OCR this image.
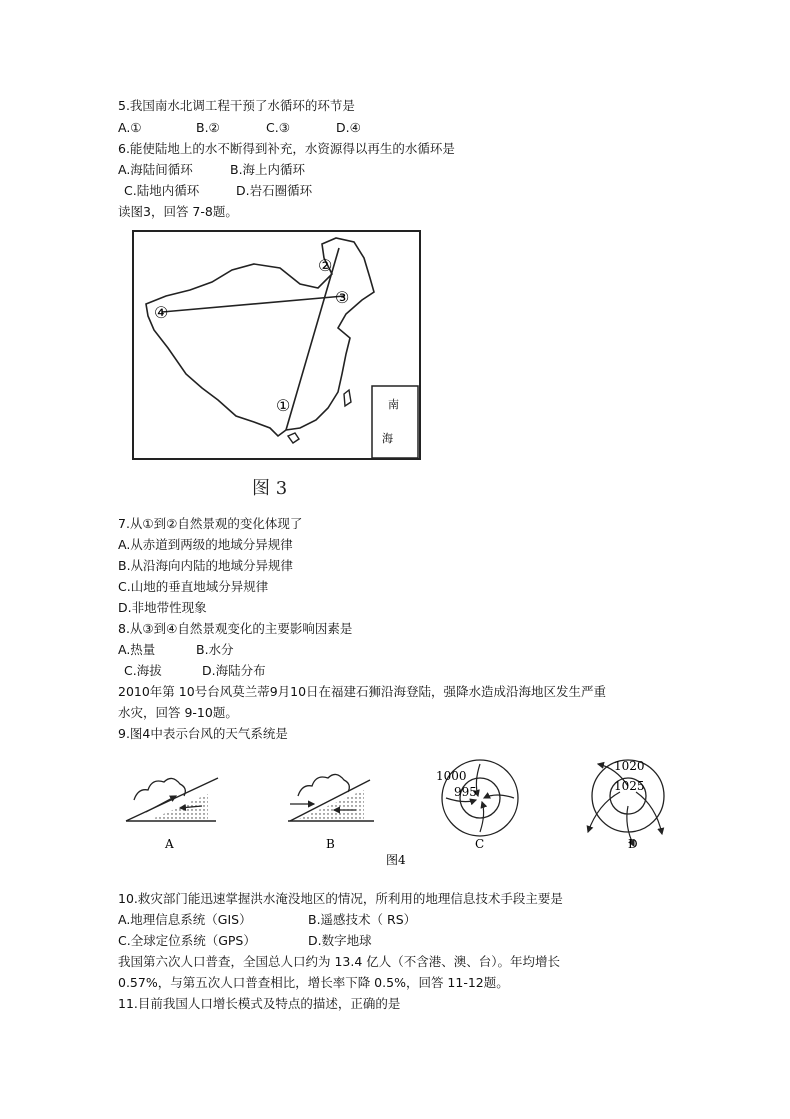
5.我国南水北调工程干预了水循环的环节是
A.①	B.②	C.③	D.④
6.能使陆地上的水不断得到补充，水资源得以再生的水循环是
A.海陆间循环	B.海上内循环
C.陆地内循环	D.岩石圈循环
读图3，回答 7-8题。
南
海
①
②
③
④
图 3
7.从①到②自然景观的变化体现了
A.从赤道到两级的地域分异规律
B.从沿海向内陆的地域分异规律
C.山地的垂直地域分异规律
D.非地带性现象
8.从③到④自然景观变化的主要影响因素是
A.热量	B.水分
C.海拔	D.海陆分布
2010年第 10号台风莫兰蒂9月10日在福建石狮沿海登陆，强降水造成沿海地区发生严重
水灾，回答 9-10题。
9.图4中表示台风的天气系统是
A	B
1000
995
C
1020
1025
D
图4
10.救灾部门能迅速掌握洪水淹没地区的情况，所利用的地理信息技术手段主要是
A.地理信息系统（GIS）	B.遥感技术（ RS）
C.全球定位系统（GPS）	D.数字地球
我国第六次人口普查，全国总人口约为 13.4 亿人（不含港、澳、台）。年均增长
0.57%，与第五次人口普查相比，增长率下降 0.5%，回答 11-12题。
11.目前我国人口增长模式及特点的描述，正确的是
